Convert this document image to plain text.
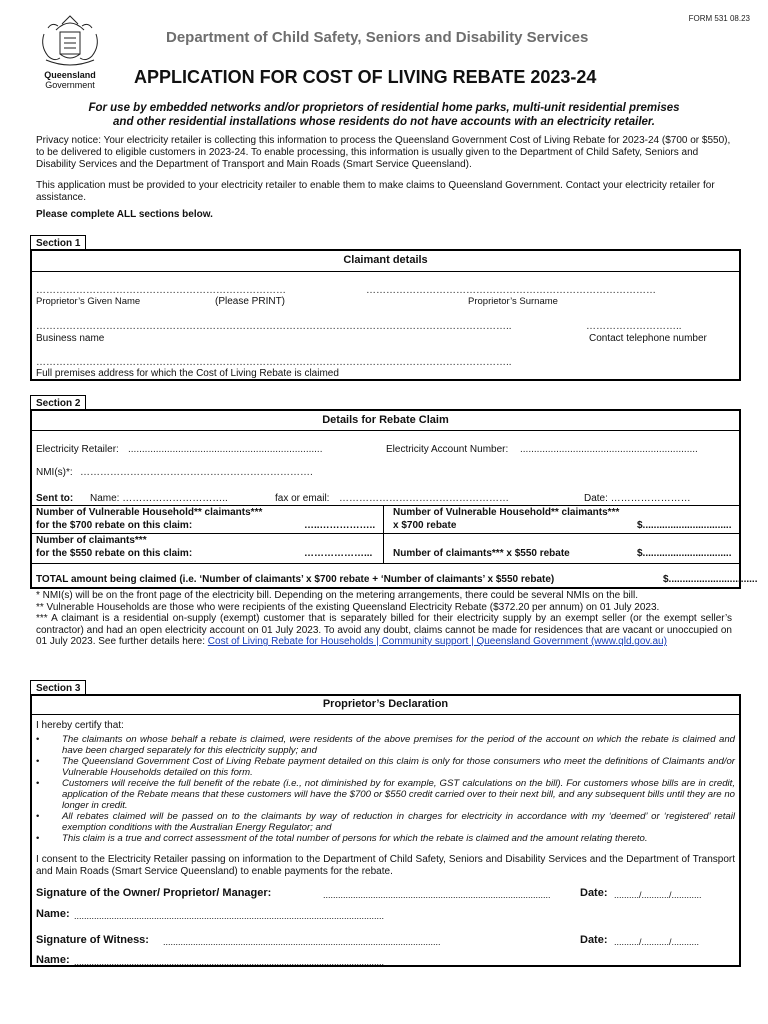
Queensland
Government
FORM 531 08.23
Department of Child Safety, Seniors and Disability Services
APPLICATION FOR COST OF LIVING REBATE 2023-24
For use by embedded networks and/or proprietors of residential home parks, multi-unit residential premises
and other residential installations whose residents do not have accounts with an electricity retailer.
Privacy notice: Your electricity retailer is collecting this information to process the Queensland Government Cost of Living Rebate for 2023-24 ($700 or $550), to be delivered to eligible customers in 2023-24. To enable processing, this information is usually given to the Department of Child Safety, Seniors and Disability Services and the Department of Transport and Main Roads (Smart Service Queensland).
This application must be provided to your electricity retailer to enable them to make claims to Queensland Government. Contact your electricity retailer for assistance.
Please complete ALL sections below.
Section 1
Claimant details
…………………………………………………………………	……………………………………………………………………………
Proprietor’s Given Name	(Please PRINT)	Proprietor’s Surname
……………………………………………………………………………………………………………………………..	………………………..
Business name	Contact telephone number
……………………………………………………………………………………………………………………………..
Full premises address for which the Cost of Living Rebate is claimed
Section 2
Details for Rebate Claim
Electricity Retailer: ......................................................................	Electricity Account Number: ................................................................
NMI(s)*: …………………………………………………………….
Sent to: Name: …………………………..	fax or email: ……………………………………………	Date: ……………………
Number of Vulnerable Household** claimants***
for the $700 rebate on this claim:	…..……………..
Number of Vulnerable Household** claimants***
x $700 rebate	$................................
Number of claimants***
for the $550 rebate on this claim:	………………... Number of claimants*** x $550 rebate	$................................
TOTAL amount being claimed (i.e. ‘Number of claimants’ x $700 rebate + ‘Number of claimants’ x $550 rebate)	$................................
* NMI(s) will be on the front page of the electricity bill. Depending on the metering arrangements, there could be several NMIs on the bill.
** Vulnerable Households are those who were recipients of the existing Queensland Electricity Rebate ($372.20 per annum) on 01 July 2023.
*** A claimant is a residential on-supply (exempt) customer that is separately billed for their electricity supply by an exempt seller (or the exempt seller’s contractor) and had an open electricity account on 01 July 2023. To avoid any doubt, claims cannot be made for residences that are vacant or unoccupied on 01 July 2023. See further details here: Cost of Living Rebate for Households | Community support | Queensland Government (www.qld.gov.au)
Section 3
Proprietor’s Declaration
I hereby certify that:
• The claimants on whose behalf a rebate is claimed, were residents of the above premises for the period of the account on which the rebate is claimed and have been charged separately for this electricity supply; and
• The Queensland Government Cost of Living Rebate payment detailed on this claim is only for those consumers who meet the definitions of Claimants and/or Vulnerable Households detailed on this form.
• Customers will receive the full benefit of the rebate (i.e., not diminished by for example, GST calculations on the bill). For customers whose bills are in credit, application of the Rebate means that these customers will have the $700 or $550 credit carried over to their next bill, and any subsequent bills until they are no longer in credit.
• All rebates claimed will be passed on to the claimants by way of reduction in charges for electricity in accordance with my ‘deemed’ or ‘registered’ retail exemption conditions with the Australian Energy Regulator; and
• This claim is a true and correct assessment of the total number of persons for which the rebate is claimed and the amount relating thereto.
I consent to the Electricity Retailer passing on information to the Department of Child Safety, Seniors and Disability Services and the Department of Transport and Main Roads (Smart Service Queensland) to enable payments for the rebate.
Signature of the Owner/ Proprietor/ Manager:	...........................................................................................	Date: ........../.........../............
Name: ............................................................................................................................
Signature of Witness: ...............................................................................................................	Date: ........../.........../...........
Name: ............................................................................................................................
